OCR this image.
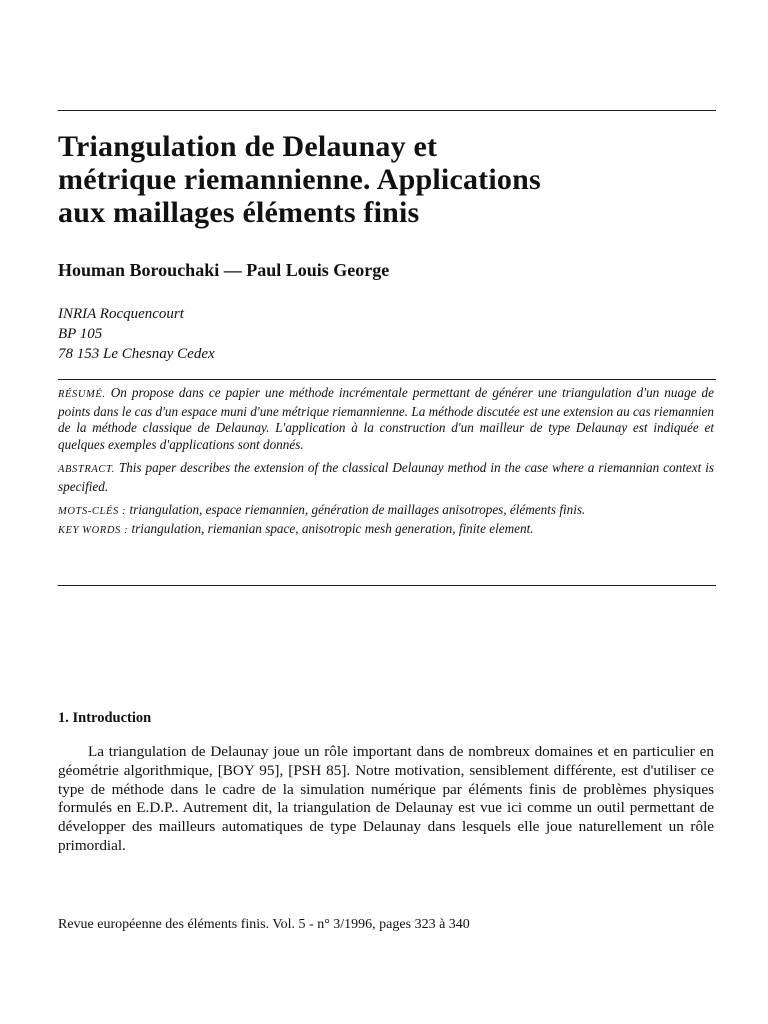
Triangulation de Delaunay et
métrique riemannienne. Applications
aux maillages éléments finis

Houman Borouchaki — Paul Louis George

INRIA Rocquencourt
BP 105
78 153 Le Chesnay Cedex

RÉSUMÉ. On propose dans ce papier une méthode incrémentale permettant de générer une triangulation d'un nuage de points dans le cas d'un espace muni d'une métrique riemannienne. La méthode discutée est une extension au cas riemannien de la méthode classique de Delaunay. L'application à la construction d'un mailleur de type Delaunay est indiquée et quelques exemples d'applications sont donnés.

ABSTRACT. This paper describes the extension of the classical Delaunay method in the case where a riemannian context is specified.

MOTS-CLÉS : triangulation, espace riemannien, génération de maillages anisotropes, éléments finis.

KEY WORDS : triangulation, riemanian space, anisotropic mesh generation, finite element.

1. Introduction

La triangulation de Delaunay joue un rôle important dans de nombreux domaines et en particulier en géométrie algorithmique, [BOY 95], [PSH 85]. Notre motivation, sensiblement différente, est d'utiliser ce type de méthode dans le cadre de la simulation numérique par éléments finis de problèmes physiques formulés en E.D.P.. Autrement dit, la triangulation de Delaunay est vue ici comme un outil permettant de développer des mailleurs automatiques de type Delaunay dans lesquels elle joue naturellement un rôle primordial.

Revue européenne des éléments finis. Vol. 5 - n° 3/1996, pages 323 à 340
